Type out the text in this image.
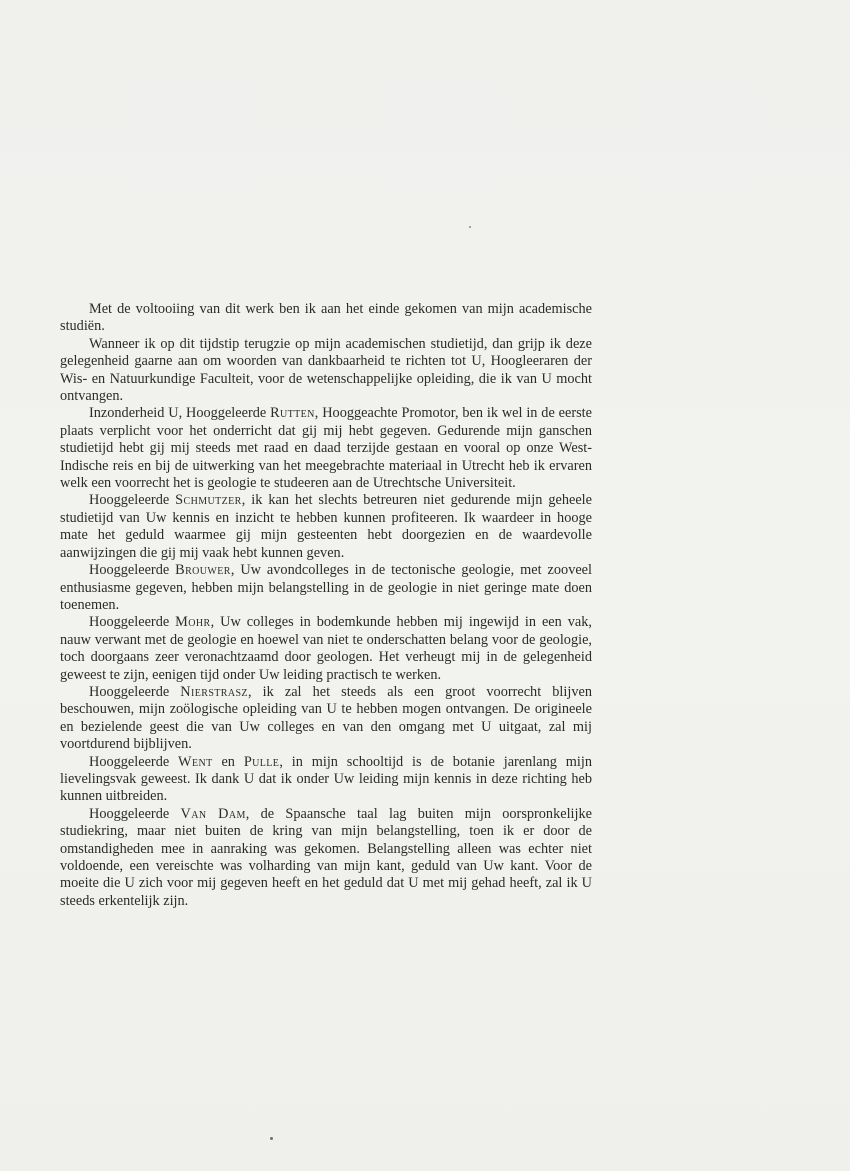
Met de voltooiing van dit werk ben ik aan het einde gekomen van mijn academische studiën.

Wanneer ik op dit tijdstip terugzie op mijn academischen studietijd, dan grijp ik deze gelegenheid gaarne aan om woorden van dankbaarheid te richten tot U, Hoogleeraren der Wis- en Natuurkundige Faculteit, voor de wetenschappelijke opleiding, die ik van U mocht ontvangen.

Inzonderheid U, Hooggeleerde Rutten, Hooggeachte Promotor, ben ik wel in de eerste plaats verplicht voor het onderricht dat gij mij hebt gegeven. Gedurende mijn ganschen studietijd hebt gij mij steeds met raad en daad terzijde gestaan en vooral op onze West-Indische reis en bij de uitwerking van het meegebrachte materiaal in Utrecht heb ik ervaren welk een voorrecht het is geologie te studeeren aan de Utrechtsche Universiteit.

Hooggeleerde Schmutzer, ik kan het slechts betreuren niet gedurende mijn geheele studietijd van Uw kennis en inzicht te hebben kunnen profiteeren. Ik waardeer in hooge mate het geduld waarmee gij mijn gesteenten hebt doorgezien en de waardevolle aanwijzingen die gij mij vaak hebt kunnen geven.

Hooggeleerde Brouwer, Uw avondcolleges in de tectonische geologie, met zooveel enthusiasme gegeven, hebben mijn belangstelling in de geologie in niet geringe mate doen toenemen.

Hooggeleerde Mohr, Uw colleges in bodemkunde hebben mij ingewijd in een vak, nauw verwant met de geologie en hoewel van niet te onderschatten belang voor de geologie, toch doorgaans zeer veronachtzaamd door geologen. Het verheugt mij in de gelegenheid geweest te zijn, eenigen tijd onder Uw leiding practisch te werken.

Hooggeleerde Nierstrasz, ik zal het steeds als een groot voorrecht blijven beschouwen, mijn zoölogische opleiding van U te hebben mogen ontvangen. De origineele en bezielende geest die van Uw colleges en van den omgang met U uitgaat, zal mij voortdurend bijblijven.

Hooggeleerde Went en Pulle, in mijn schooltijd is de botanie jarenlang mijn lievelingsvak geweest. Ik dank U dat ik onder Uw leiding mijn kennis in deze richting heb kunnen uitbreiden.

Hooggeleerde Van Dam, de Spaansche taal lag buiten mijn oorspronkelijke studiekring, maar niet buiten de kring van mijn belangstelling, toen ik er door de omstandigheden mee in aanraking was gekomen. Belangstelling alleen was echter niet voldoende, een vereischte was volharding van mijn kant, geduld van Uw kant. Voor de moeite die U zich voor mij gegeven heeft en het geduld dat U met mij gehad heeft, zal ik U steeds erkentelijk zijn.
